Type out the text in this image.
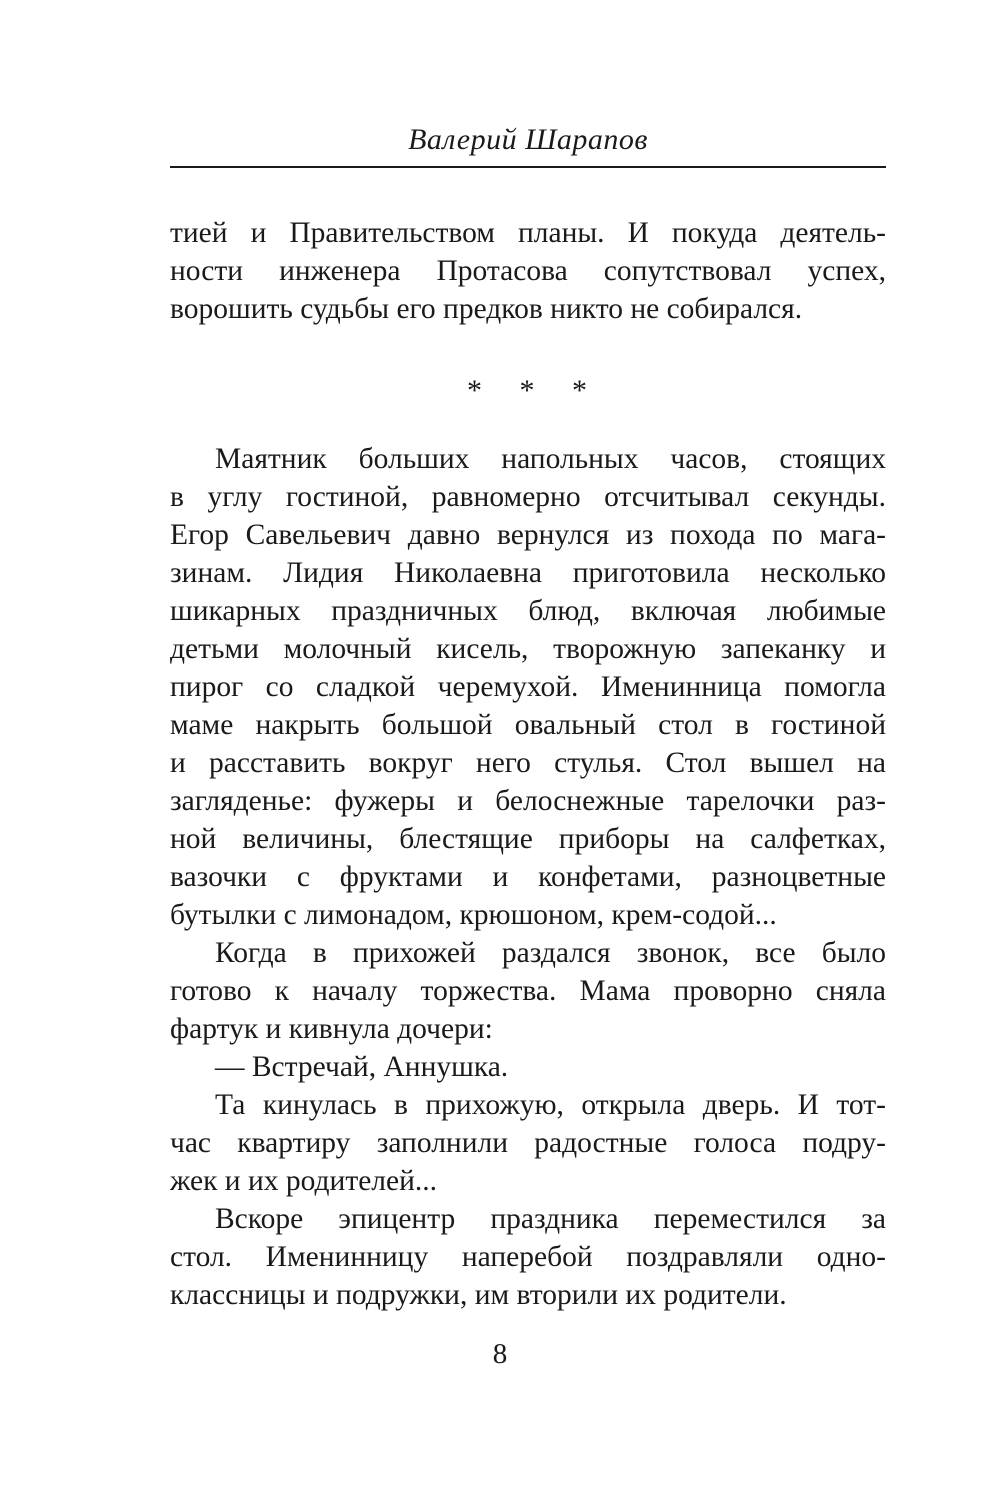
Валерий Шарапов
тией и Правительством планы. И покуда деятель-
ности инженера Протасова сопутствовал успех,
ворошить судьбы его предков никто не собирался.
* * *
Маятник больших напольных часов, стоящих
в углу гостиной, равномерно отсчитывал секунды.
Егор Савельевич давно вернулся из похода по мага-
зинам. Лидия Николаевна приготовила несколько
шикарных праздничных блюд, включая любимые
детьми молочный кисель, творожную запеканку и
пирог со сладкой черемухой. Именинница помогла
маме накрыть большой овальный стол в гостиной
и расставить вокруг него стулья. Стол вышел на
загляденье: фужеры и белоснежные тарелочки раз-
ной величины, блестящие приборы на салфетках,
вазочки с фруктами и конфетами, разноцветные
бутылки с лимонадом, крюшоном, крем-содой...
Когда в прихожей раздался звонок, все было
готово к началу торжества. Мама проворно сняла
фартук и кивнула дочери:
— Встречай, Аннушка.
Та кинулась в прихожую, открыла дверь. И тот-
час квартиру заполнили радостные голоса подру-
жек и их родителей...
Вскоре эпицентр праздника переместился за
стол. Именинницу наперебой поздравляли одно-
классницы и подружки, им вторили их родители.
8
